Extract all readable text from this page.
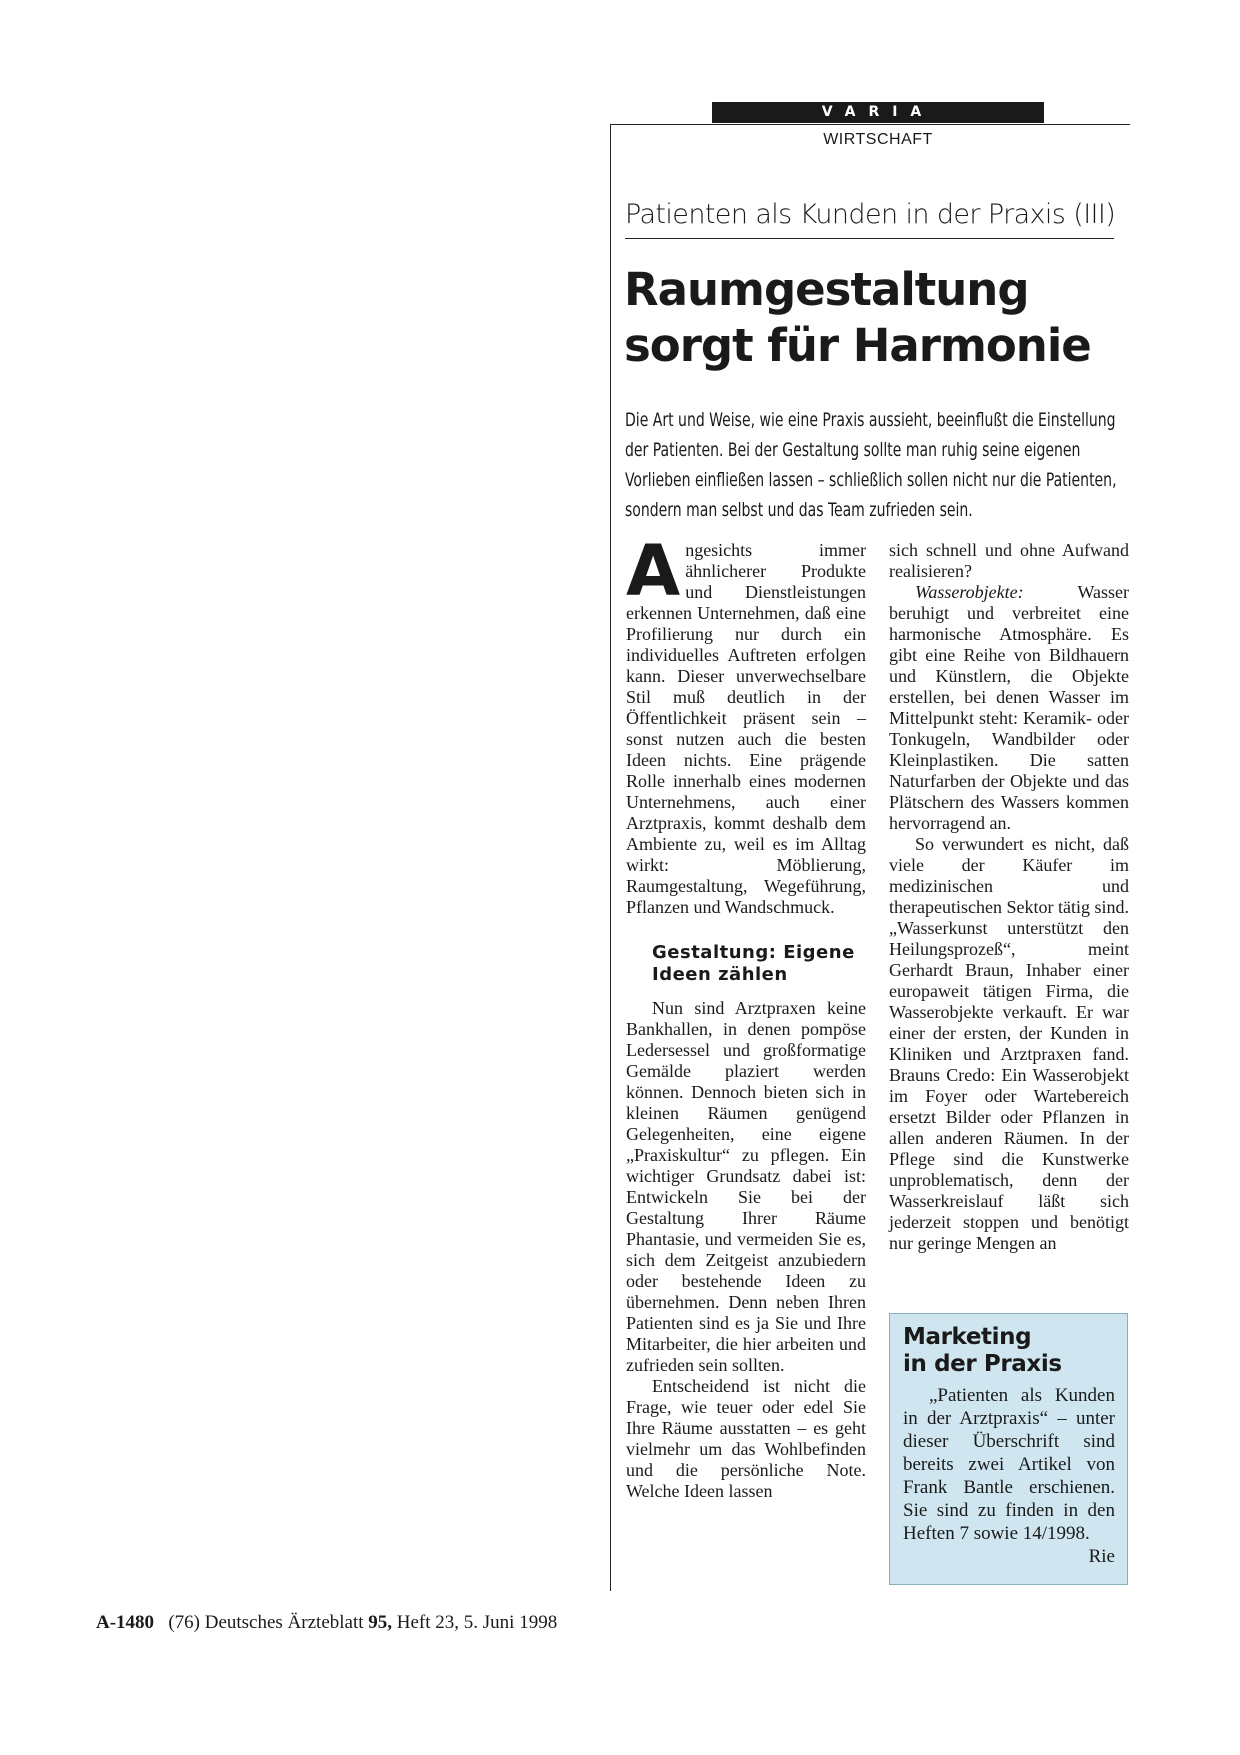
VARIA
WIRTSCHAFT
Patienten als Kunden in der Praxis (III)
Raumgestaltung
sorgt für Harmonie

Die Art und Weise, wie eine Praxis aussieht, beeinflußt die Einstellung der Patienten. Bei der Gestaltung sollte man ruhig seine eigenen Vorlieben einfließen lassen – schließlich sollen nicht nur die Patienten, sondern man selbst und das Team zufrieden sein.

Angesichts immer ähnlicherer Produkte und Dienstleistungen erkennen Unternehmen, daß eine Profilierung nur durch ein individuelles Auftreten erfolgen kann. Dieser unverwechselbare Stil muß deutlich in der Öffentlichkeit präsent sein – sonst nutzen auch die besten Ideen nichts. Eine prägende Rolle innerhalb eines modernen Unternehmens, auch einer Arztpraxis, kommt deshalb dem Ambiente zu, weil es im Alltag wirkt: Möblierung, Raumgestaltung, Wegeführung, Pflanzen und Wandschmuck.

Gestaltung: Eigene Ideen zählen

Nun sind Arztpraxen keine Bankhallen, in denen pompöse Ledersessel und großformatige Gemälde plaziert werden können. Dennoch bieten sich in kleinen Räumen genügend Gelegenheiten, eine eigene „Praxiskultur“ zu pflegen. Ein wichtiger Grundsatz dabei ist: Entwickeln Sie bei der Gestaltung Ihrer Räume Phantasie, und vermeiden Sie es, sich dem Zeitgeist anzubiedern oder bestehende Ideen zu übernehmen. Denn neben Ihren Patienten sind es ja Sie und Ihre Mitarbeiter, die hier arbeiten und zufrieden sein sollten.

Entscheidend ist nicht die Frage, wie teuer oder edel Sie Ihre Räume ausstatten – es geht vielmehr um das Wohlbefinden und die persönliche Note. Welche Ideen lassen

sich schnell und ohne Aufwand realisieren?

Wasserobjekte: Wasser beruhigt und verbreitet eine harmonische Atmosphäre. Es gibt eine Reihe von Bildhauern und Künstlern, die Objekte erstellen, bei denen Wasser im Mittelpunkt steht: Keramik- oder Tonkugeln, Wandbilder oder Kleinplastiken. Die satten Naturfarben der Objekte und das Plätschern des Wassers kommen hervorragend an.

So verwundert es nicht, daß viele der Käufer im medizinischen und therapeutischen Sektor tätig sind. „Wasserkunst unterstützt den Heilungsprozeß“, meint Gerhardt Braun, Inhaber einer europaweit tätigen Firma, die Wasserobjekte verkauft. Er war einer der ersten, der Kunden in Kliniken und Arztpraxen fand. Brauns Credo: Ein Wasserobjekt im Foyer oder Wartebereich ersetzt Bilder oder Pflanzen in allen anderen Räumen. In der Pflege sind die Kunstwerke unproblematisch, denn der Wasserkreislauf läßt sich jederzeit stoppen und benötigt nur geringe Mengen an

Marketing
in der Praxis

„Patienten als Kunden in der Arztpraxis“ – unter dieser Überschrift sind bereits zwei Artikel von Frank Bantle erschienen. Sie sind zu finden in den Heften 7 sowie 14/1998.
Rie

A-1480 (76) Deutsches Ärzteblatt 95, Heft 23, 5. Juni 1998
